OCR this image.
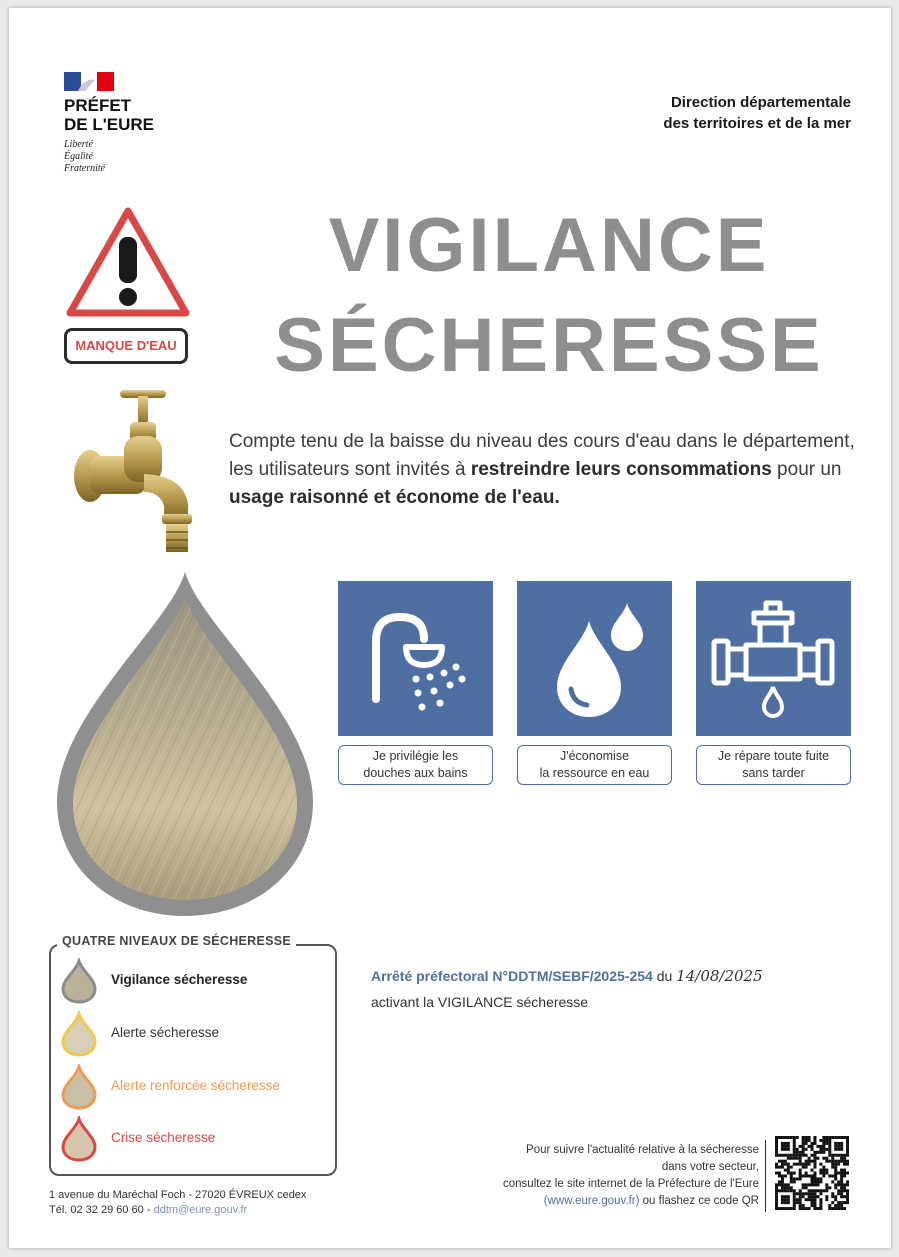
PRÉFET
DE L'EURE
Liberté
Égalité
Fraternité
Direction départementale
des territoires et de la mer
MANQUE D'EAU
VIGILANCE
SÉCHERESSE
Compte tenu de la baisse du niveau des cours d'eau dans le département, les utilisateurs sont invités à restreindre leurs consommations pour un usage raisonné et économe de l'eau.
Je privilégie les
douches aux bains
J'économise
la ressource en eau
Je répare toute fuite
sans tarder
QUATRE NIVEAUX DE SÉCHERESSE
Vigilance sécheresse
Alerte sécheresse
Alerte renforcée sécheresse
Crise sécheresse
Arrêté préfectoral N°DDTM/SEBF/2025-254 du 14/08/2025
activant la VIGILANCE sécheresse
Pour suivre l'actualité relative à la sécheresse
dans votre secteur,
consultez le site internet de la Préfecture de l'Eure
(www.eure.gouv.fr) ou flashez ce code QR
1 avenue du Maréchal Foch - 27020 ÉVREUX cedex
Tél. 02 32 29 60 60 - ddtm@eure.gouv.fr
